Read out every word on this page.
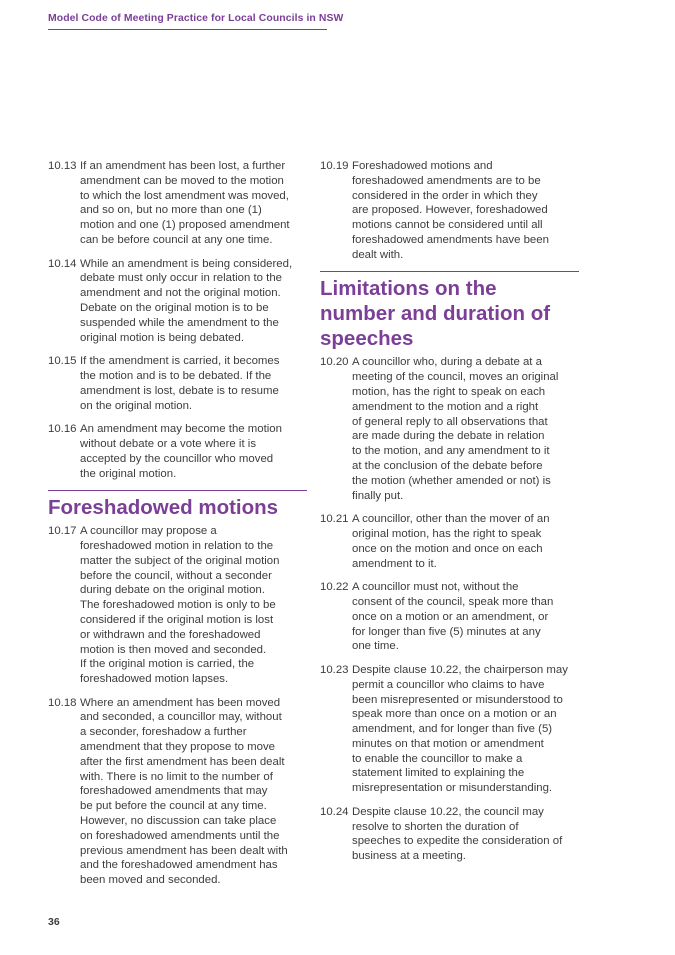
Model Code of Meeting Practice for Local Councils in NSW
10.13 If an amendment has been lost, a further
amendment can be moved to the motion
to which the lost amendment was moved,
and so on, but no more than one (1)
motion and one (1) proposed amendment
can be before council at any one time.
10.14 While an amendment is being considered,
debate must only occur in relation to the
amendment and not the original motion.
Debate on the original motion is to be
suspended while the amendment to the
original motion is being debated.
10.15 If the amendment is carried, it becomes
the motion and is to be debated. If the
amendment is lost, debate is to resume
on the original motion.
10.16 An amendment may become the motion
without debate or a vote where it is
accepted by the councillor who moved
the original motion.
Foreshadowed motions
10.17 A councillor may propose a
foreshadowed motion in relation to the
matter the subject of the original motion
before the council, without a seconder
during debate on the original motion.
The foreshadowed motion is only to be
considered if the original motion is lost
or withdrawn and the foreshadowed
motion is then moved and seconded.
If the original motion is carried, the
foreshadowed motion lapses.
10.18 Where an amendment has been moved
and seconded, a councillor may, without
a seconder, foreshadow a further
amendment that they propose to move
after the first amendment has been dealt
with. There is no limit to the number of
foreshadowed amendments that may
be put before the council at any time.
However, no discussion can take place
on foreshadowed amendments until the
previous amendment has been dealt with
and the foreshadowed amendment has
been moved and seconded.
10.19 Foreshadowed motions and
foreshadowed amendments are to be
considered in the order in which they
are proposed. However, foreshadowed
motions cannot be considered until all
foreshadowed amendments have been
dealt with.
Limitations on the
number and duration of
speeches
10.20 A councillor who, during a debate at a
meeting of the council, moves an original
motion, has the right to speak on each
amendment to the motion and a right
of general reply to all observations that
are made during the debate in relation
to the motion, and any amendment to it
at the conclusion of the debate before
the motion (whether amended or not) is
finally put.
10.21 A councillor, other than the mover of an
original motion, has the right to speak
once on the motion and once on each
amendment to it.
10.22 A councillor must not, without the
consent of the council, speak more than
once on a motion or an amendment, or
for longer than five (5) minutes at any
one time.
10.23 Despite clause 10.22, the chairperson may
permit a councillor who claims to have
been misrepresented or misunderstood to
speak more than once on a motion or an
amendment, and for longer than five (5)
minutes on that motion or amendment
to enable the councillor to make a
statement limited to explaining the
misrepresentation or misunderstanding.
10.24 Despite clause 10.22, the council may
resolve to shorten the duration of
speeches to expedite the consideration of
business at a meeting.
36
